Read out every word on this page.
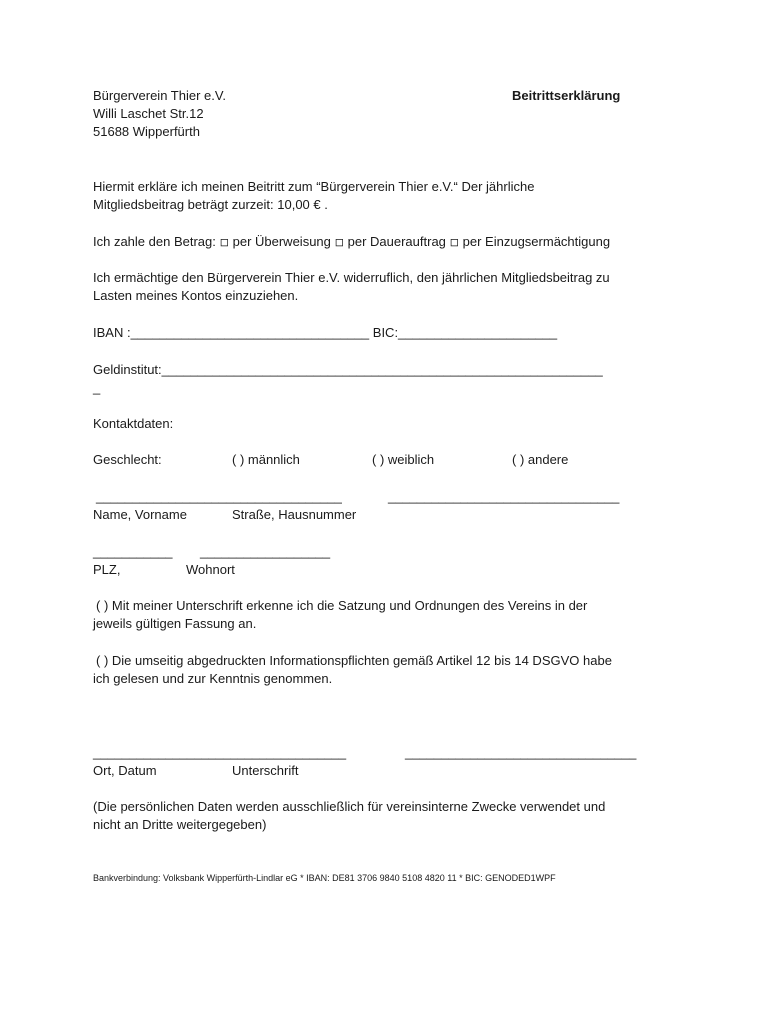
Bürgerverein Thier e.V.
Willi Laschet Str.12
51688 Wipperfürth
Beitrittserklärung
Hiermit erkläre ich meinen Beitritt zum “Bürgerverein Thier e.V.“ Der jährliche
Mitgliedsbeitrag beträgt zurzeit: 10,00 € .
Ich zahle den Betrag: ◽ per Überweisung ◽ per Dauerauftrag ◽ per Einzugsermächtigung
Ich ermächtige den Bürgerverein Thier e.V. widerruflich, den jährlichen Mitgliedsbeitrag zu
Lasten meines Kontos einzuziehen.
IBAN :_________________________________ BIC:______________________
Geldinstitut:_____________________________________________________________
_
Kontaktdaten:
Geschlecht:	( ) männlich	( ) weiblich	( ) andere
__________________________________	________________________________
Name, Vorname	Straße, Hausnummer
___________ __________________
PLZ,	Wohnort
( ) Mit meiner Unterschrift erkenne ich die Satzung und Ordnungen des Vereins in der
jeweils gültigen Fassung an.
( ) Die umseitig abgedruckten Informationspflichten gemäß Artikel 12 bis 14 DSGVO habe
ich gelesen und zur Kenntnis genommen.
___________________________________	________________________________
Ort, Datum	Unterschrift
(Die persönlichen Daten werden ausschließlich für vereinsinterne Zwecke verwendet und
nicht an Dritte weitergegeben)
Bankverbindung: Volksbank Wipperfürth-Lindlar eG * IBAN: DE81 3706 9840 5108 4820 11 * BIC: GENODED1WPF
